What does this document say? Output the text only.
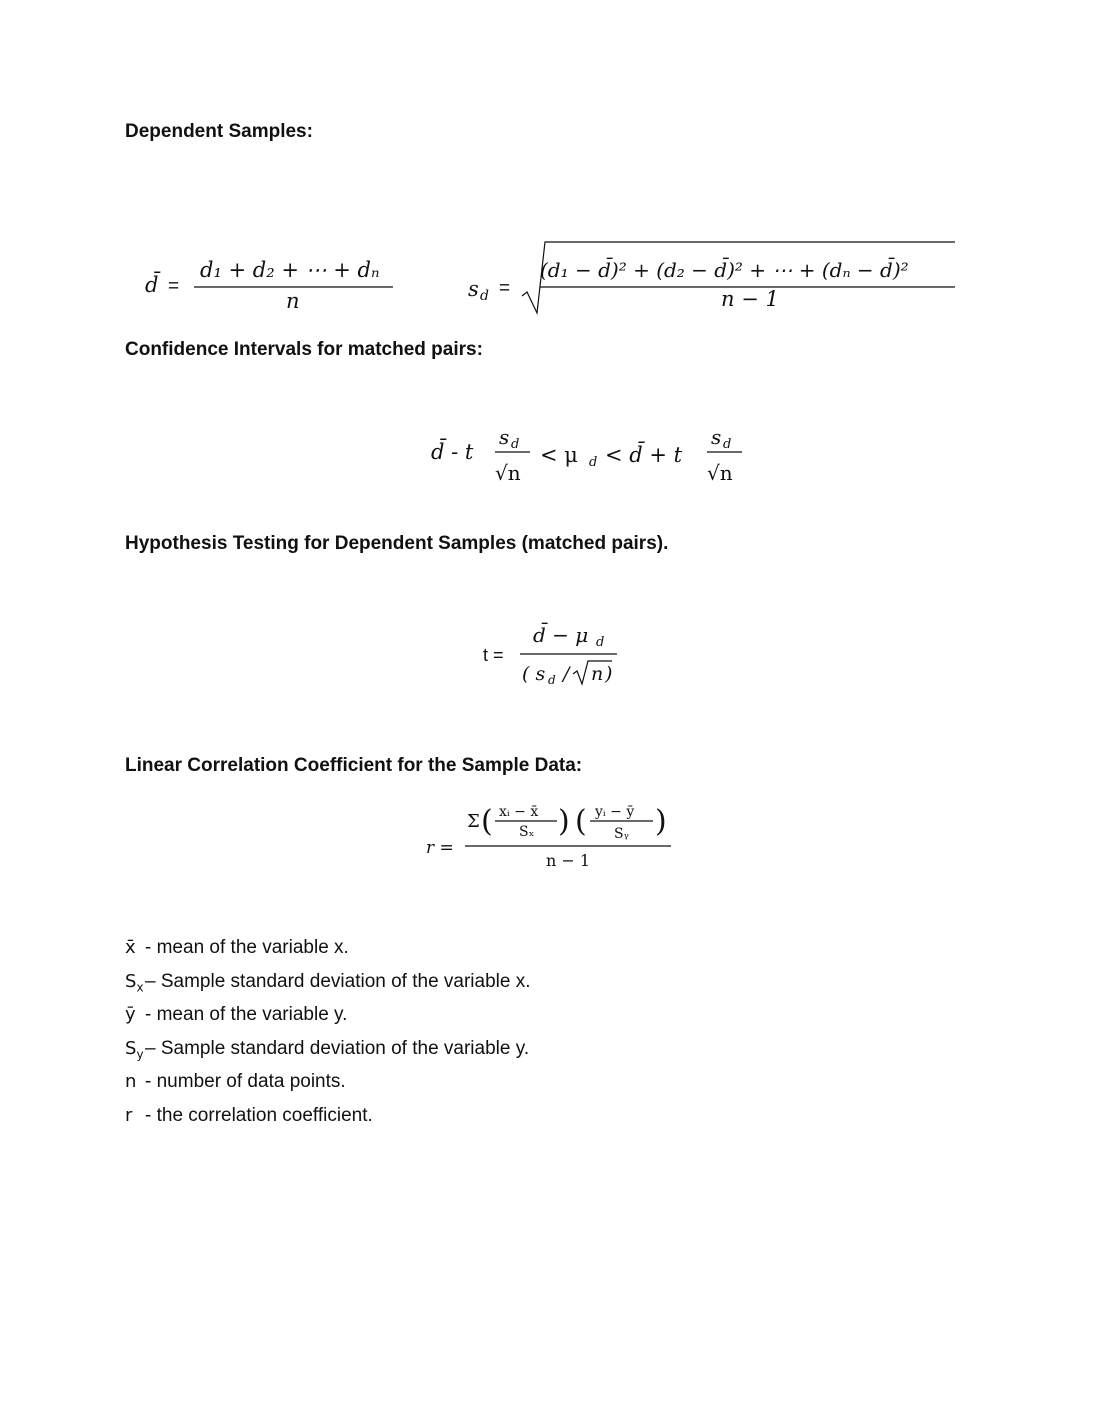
Dependent Samples:
Confidence Intervals for matched pairs:
Hypothesis Testing for Dependent Samples (matched pairs).
Linear Correlation Coefficient for the Sample Data:
d̄ =
d₁ + d₂ + ⋯ + dₙ
n	s d =
(d₁ − d̄)² + (d₂ − d̄)² + ⋯ + (dₙ − d̄)²
n − 1
d̄ - t
s d
√n
< μ d < d̄ + t
s d
√n
t =
d̄ − μ d
( s d / n )
r =
Σ ( xᵢ − x̄
Sₓ ) ( yᵢ − ȳ
Sᵧ )
n − 1
x̄ - mean of the variable x.
$S_x$ – Sample standard deviation of the variable x.
ȳ - mean of the variable y.
$S_y$ – Sample standard deviation of the variable y.
n - number of data points.
r - the correlation coefficient.
